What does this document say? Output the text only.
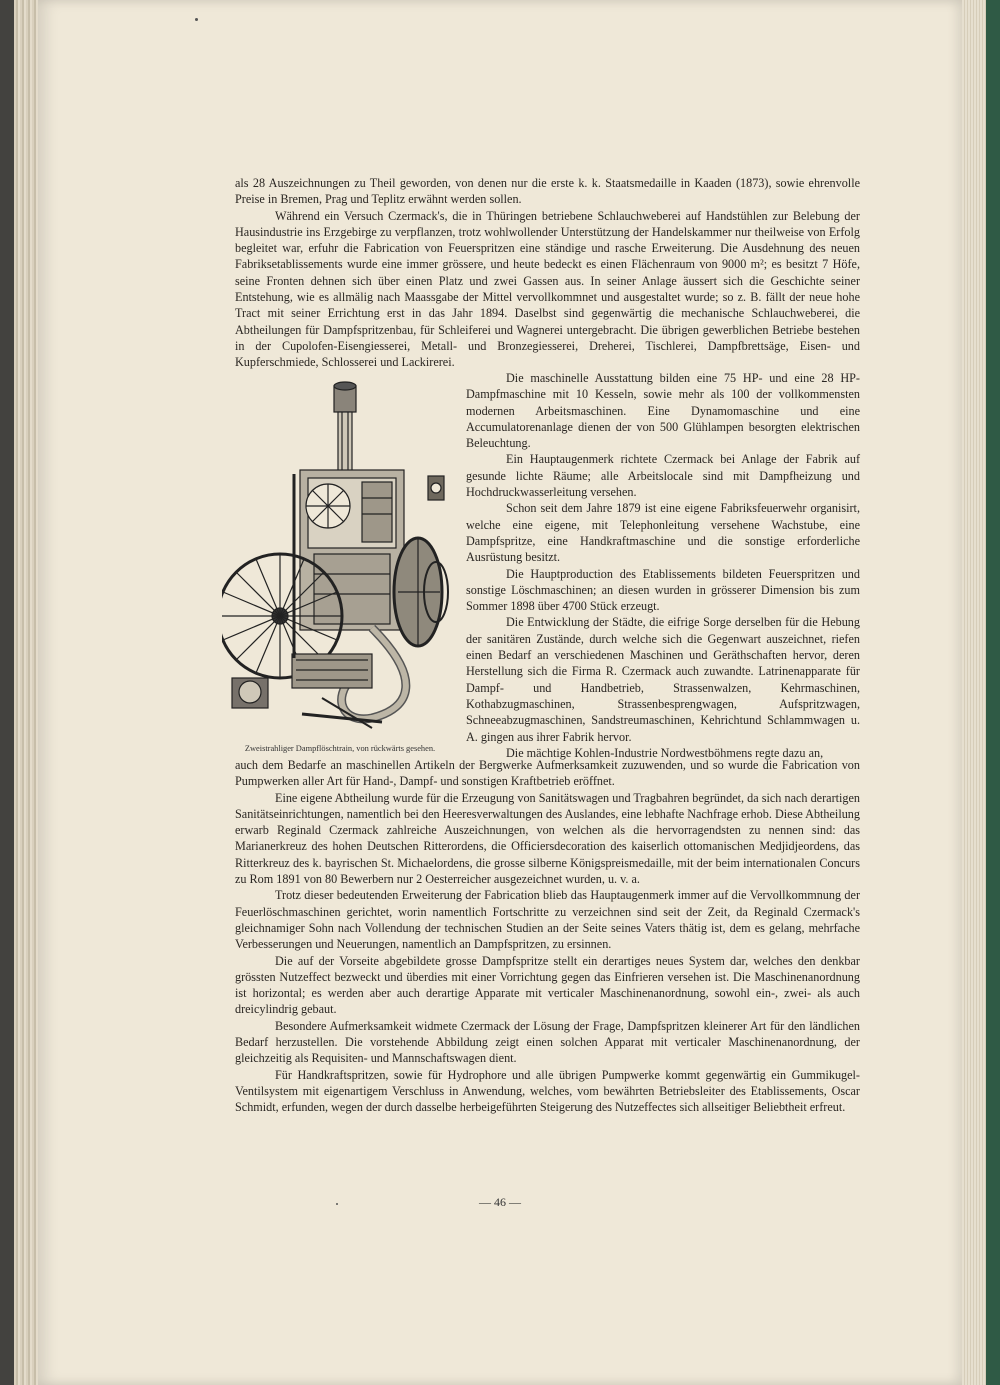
als 28 Auszeichnungen zu Theil geworden, von denen nur die erste k. k. Staatsmedaille in Kaaden (1873), sowie ehrenvolle Preise in Bremen, Prag und Teplitz erwähnt werden sollen.

Während ein Versuch Czermack's, die in Thüringen betriebene Schlauchweberei auf Handstühlen zur Belebung der Hausindustrie ins Erzgebirge zu verpflanzen, trotz wohlwollender Unterstützung der Handelskammer nur theilweise von Erfolg begleitet war, erfuhr die Fabrication von Feuerspritzen eine ständige und rasche Erweiterung. Die Ausdehnung des neuen Fabriksetablissements wurde eine immer grössere, und heute bedeckt es einen Flächenraum von 9000 m²; es besitzt 7 Höfe, seine Fronten dehnen sich über einen Platz und zwei Gassen aus. In seiner Anlage äussert sich die Geschichte seiner Entstehung, wie es allmälig nach Maassgabe der Mittel vervollkommnet und ausgestaltet wurde; so z. B. fällt der neue hohe Tract mit seiner Errichtung erst in das Jahr 1894. Daselbst sind gegenwärtig die mechanische Schlauchweberei, die Abtheilungen für Dampfspritzenbau, für Schleiferei und Wagnerei untergebracht. Die übrigen gewerblichen Betriebe bestehen in der Cupolofen-Eisengiesserei, Metall- und Bronzegiesserei, Dreherei, Tischlerei, Dampfbrettsäge, Eisen- und Kupferschmiede, Schlosserei und Lackirerei.

Die maschinelle Ausstattung bilden eine 75 HP- und eine 28 HP-Dampfmaschine mit 10 Kesseln, sowie mehr als 100 der vollkommensten modernen Arbeitsmaschinen. Eine Dynamomaschine und eine Accumulatorenanlage dienen der von 500 Glühlampen besorgten elektrischen Beleuchtung.

Ein Hauptaugenmerk richtete Czermack bei Anlage der Fabrik auf gesunde lichte Räume; alle Arbeitslocale sind mit Dampfheizung und Hochdruckwasserleitung versehen.

Schon seit dem Jahre 1879 ist eine eigene Fabriksfeuerwehr organisirt, welche eine eigene, mit Telephonleitung versehene Wachstube, eine Dampfspritze, eine Handkraftmaschine und die sonstige erforderliche Ausrüstung besitzt.

Die Hauptproduction des Etablissements bildeten Feuerspritzen und sonstige Löschmaschinen; an diesen wurden in grösserer Dimension bis zum Sommer 1898 über 4700 Stück erzeugt.

Die Entwicklung der Städte, die eifrige Sorge derselben für die Hebung der sanitären Zustände, durch welche sich die Gegenwart auszeichnet, riefen einen Bedarf an verschiedenen Maschinen und Geräthschaften hervor, deren Herstellung sich die Firma R. Czermack auch zuwandte. Latrinenapparate für Dampf- und Handbetrieb, Strassenwalzen, Kehrmaschinen, Kothabzugmaschinen, Strassenbesprengwagen, Aufspritzwagen, Schneeabzugmaschinen, Sandstreumaschinen, Kehrichtund Schlammwagen u. A. gingen aus ihrer Fabrik hervor.

Die mächtige Kohlen-Industrie Nordwestböhmens regte dazu an,

Zweistrahliger Dampflöschtrain, von rückwärts gesehen.

auch dem Bedarfe an maschinellen Artikeln der Bergwerke Aufmerksamkeit zuzuwenden, und so wurde die Fabrication von Pumpwerken aller Art für Hand-, Dampf- und sonstigen Kraftbetrieb eröffnet.

Eine eigene Abtheilung wurde für die Erzeugung von Sanitätswagen und Tragbahren begründet, da sich nach derartigen Sanitätseinrichtungen, namentlich bei den Heeresverwaltungen des Auslandes, eine lebhafte Nachfrage erhob. Diese Abtheilung erwarb Reginald Czermack zahlreiche Auszeichnungen, von welchen als die hervorragendsten zu nennen sind: das Marianerkreuz des hohen Deutschen Ritterordens, die Officiersdecoration des kaiserlich ottomanischen Medjidjeordens, das Ritterkreuz des k. bayrischen St. Michaelordens, die grosse silberne Königspreismedaille, mit der beim internationalen Concurs zu Rom 1891 von 80 Bewerbern nur 2 Oesterreicher ausgezeichnet wurden, u. v. a.

Trotz dieser bedeutenden Erweiterung der Fabrication blieb das Hauptaugenmerk immer auf die Vervollkommnung der Feuerlöschmaschinen gerichtet, worin namentlich Fortschritte zu verzeichnen sind seit der Zeit, da Reginald Czermack's gleichnamiger Sohn nach Vollendung der technischen Studien an der Seite seines Vaters thätig ist, dem es gelang, mehrfache Verbesserungen und Neuerungen, namentlich an Dampfspritzen, zu ersinnen.

Die auf der Vorseite abgebildete grosse Dampfspritze stellt ein derartiges neues System dar, welches den denkbar grössten Nutzeffect bezweckt und überdies mit einer Vorrichtung gegen das Einfrieren versehen ist. Die Maschinenanordnung ist horizontal; es werden aber auch derartige Apparate mit verticaler Maschinenanordnung, sowohl ein-, zwei- als auch dreicylindrig gebaut.

Besondere Aufmerksamkeit widmete Czermack der Lösung der Frage, Dampfspritzen kleinerer Art für den ländlichen Bedarf herzustellen. Die vorstehende Abbildung zeigt einen solchen Apparat mit verticaler Maschinenanordnung, der gleichzeitig als Requisiten- und Mannschaftswagen dient.

Für Handkraftspritzen, sowie für Hydrophore und alle übrigen Pumpwerke kommt gegenwärtig ein Gummikugel-Ventilsystem mit eigenartigem Verschluss in Anwendung, welches, vom bewährten Betriebsleiter des Etablissements, Oscar Schmidt, erfunden, wegen der durch dasselbe herbeigeführten Steigerung des Nutzeffectes sich allseitiger Beliebtheit erfreut.

— 46 —
